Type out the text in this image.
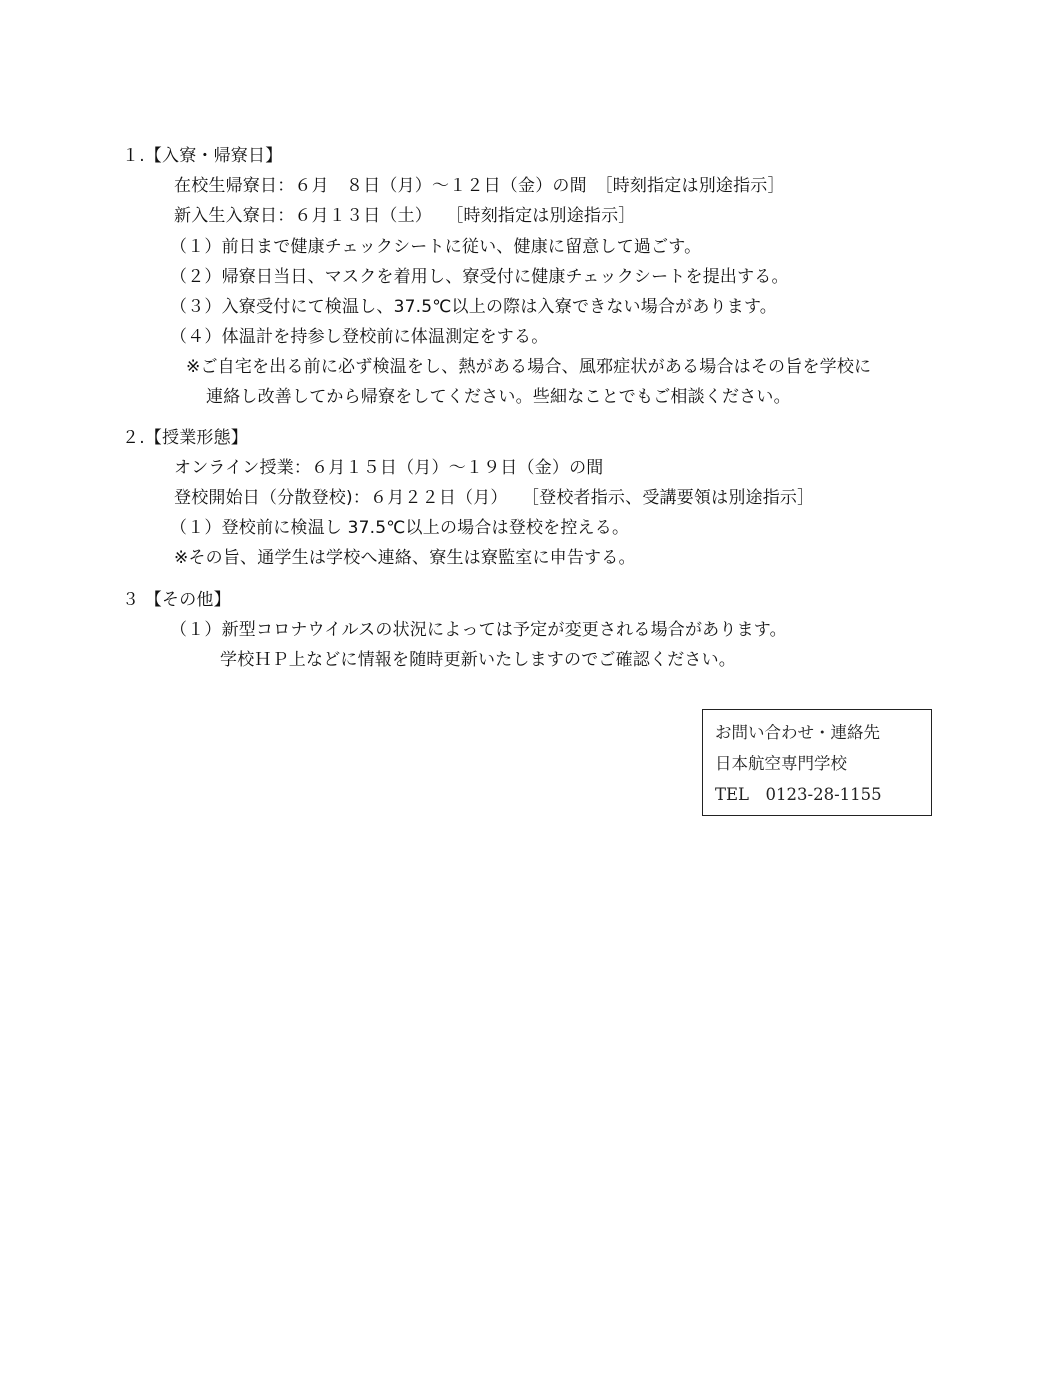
１.【入寮・帰寮日】
在校生帰寮日：６月　８日（月）～１２日（金）の間　［時刻指定は別途指示］
新入生入寮日：６月１３日（土）　 ［時刻指定は別途指示］
（１）前日まで健康チェックシートに従い、健康に留意して過ごす。
（２）帰寮日当日、マスクを着用し、寮受付に健康チェックシートを提出する。
（３）入寮受付にて検温し、37.5℃以上の際は入寮できない場合があります。
（４）体温計を持参し登校前に体温測定をする。
※ご自宅を出る前に必ず検温をし、熱がある場合、風邪症状がある場合はその旨を学校に
連絡し改善してから帰寮をしてください。些細なことでもご相談ください。
２.【授業形態】
オンライン授業：６月１５日（月）～１９日（金）の間
登校開始日（分散登校)：６月２２日（月）　 ［登校者指示、受講要領は別途指示］
（１）登校前に検温し 37.5℃以上の場合は登校を控える。
※その旨、通学生は学校へ連絡、寮生は寮監室に申告する。
３ 【その他】
（１）新型コロナウイルスの状況によっては予定が変更される場合があります。
学校ＨＰ上などに情報を随時更新いたしますのでご確認ください。
お問い合わせ・連絡先
日本航空専門学校
TEL　0123-28-1155
